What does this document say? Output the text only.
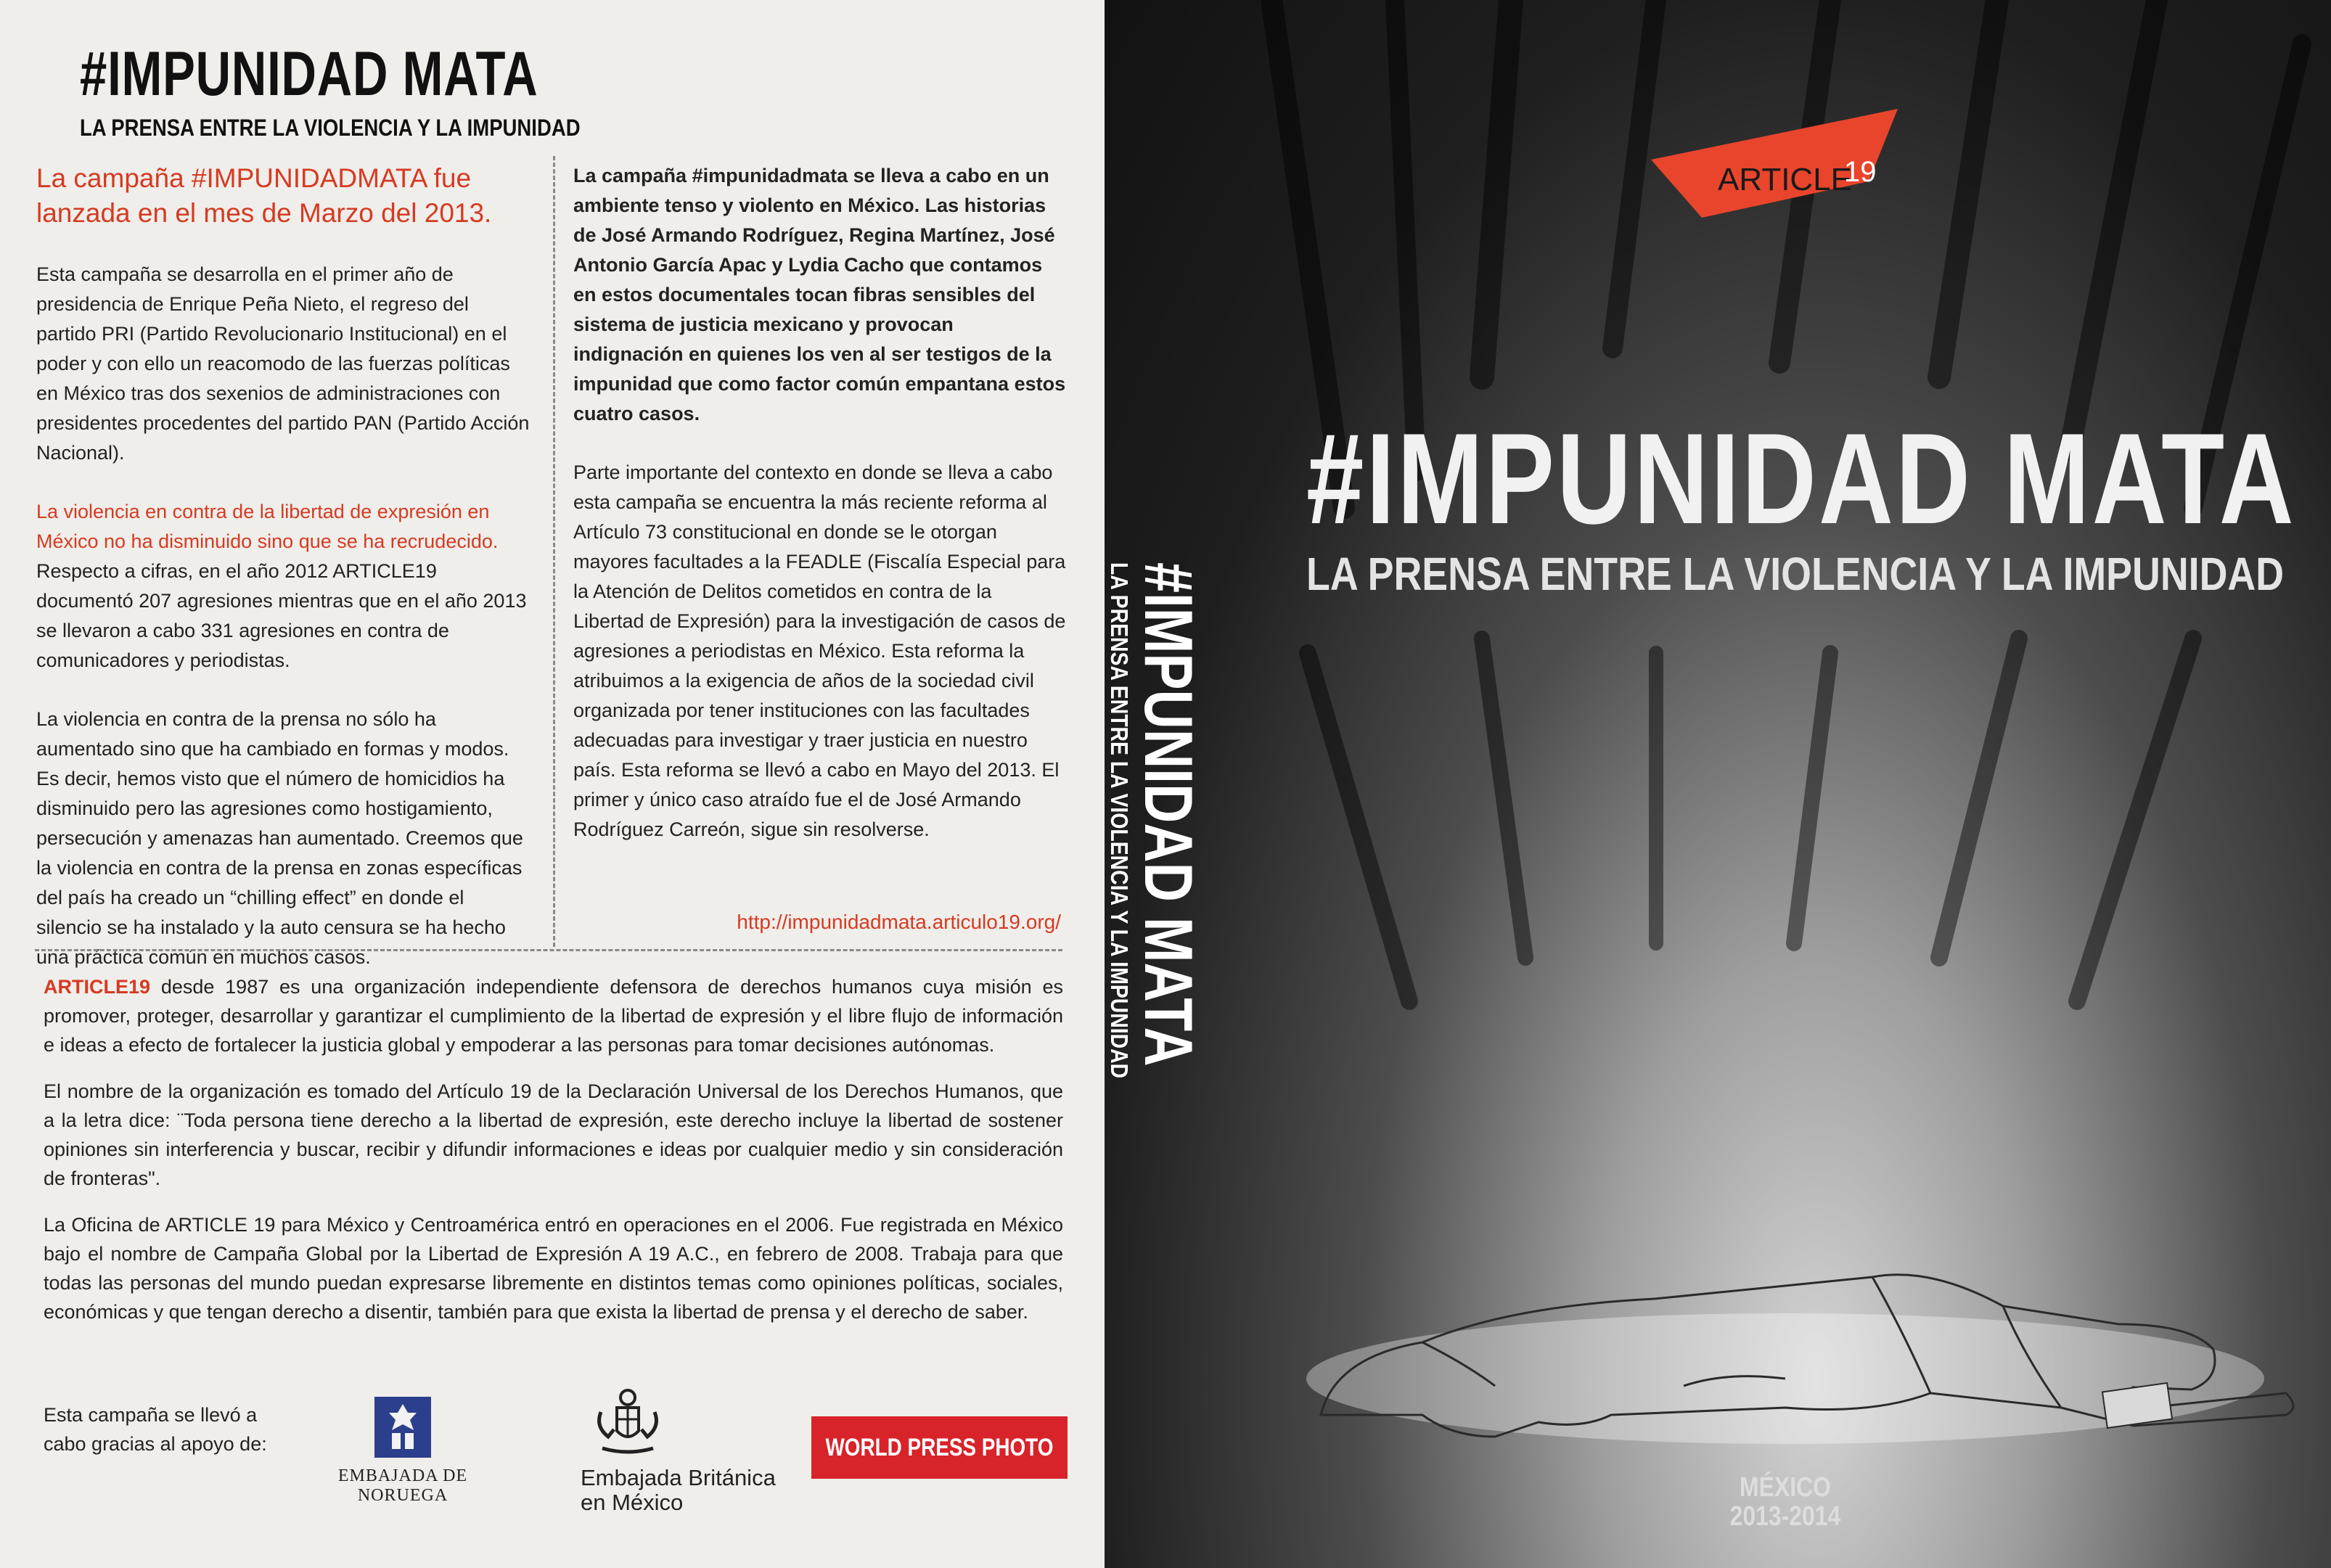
#IMPUNIDAD MATA
LA PRENSA ENTRE LA VIOLENCIA Y LA IMPUNIDAD

La campaña #IMPUNIDADMATA fue lanzada en el mes de Marzo del 2013.

Esta campaña se desarrolla en el primer año de presidencia de Enrique Peña Nieto, el regreso del partido PRI (Partido Revolucionario Institucional) en el poder y con ello un reacomodo de las fuerzas políticas en México tras dos sexenios de administraciones con presidentes procedentes del partido PAN (Partido Acción Nacional).

La violencia en contra de la libertad de expresión en México no ha disminuido sino que se ha recrudecido.
Respecto a cifras, en el año 2012 ARTICLE19 documentó 207 agresiones mientras que en el año 2013 se llevaron a cabo 331 agresiones en contra de comunicadores y periodistas.

La violencia en contra de la prensa no sólo ha aumentado sino que ha cambiado en formas y modos. Es decir, hemos visto que el número de homicidios ha disminuido pero las agresiones como hostigamiento, persecución y amenazas han aumentado. Creemos que la violencia en contra de la prensa en zonas específicas del país ha creado un “chilling effect” en donde el silencio se ha instalado y la auto censura se ha hecho una práctica común en muchos casos.

La campaña #impunidadmata se lleva a cabo en un ambiente tenso y violento en México. Las historias de José Armando Rodríguez, Regina Martínez, José Antonio García Apac y Lydia Cacho que contamos en estos documentales tocan fibras sensibles del sistema de justicia mexicano y provocan indignación en quienes los ven al ser testigos de la impunidad que como factor común empantana estos cuatro casos.

Parte importante del contexto en donde se lleva a cabo esta campaña se encuentra la más reciente reforma al Artículo 73 constitucional en donde se le otorgan mayores facultades a la FEADLE (Fiscalía Especial para la Atención de Delitos cometidos en contra de la Libertad de Expresión) para la investigación de casos de agresiones a periodistas en México. Esta reforma la atribuimos a la exigencia de años de la sociedad civil organizada por tener instituciones con las facultades adecuadas para investigar y traer justicia en nuestro país. Esta reforma se llevó a cabo en Mayo del 2013. El primer y único caso atraído fue el de José Armando Rodríguez Carreón, sigue sin resolverse.

http://impunidadmata.articulo19.org/

ARTICLE19 desde 1987 es una organización independiente defensora de derechos humanos cuya misión es promover, proteger, desarrollar y garantizar el cumplimiento de la libertad de expresión y el libre flujo de información e ideas a efecto de fortalecer la justicia global y empoderar a las personas para tomar decisiones autónomas.

El nombre de la organización es tomado del Artículo 19 de la Declaración Universal de los Derechos Humanos, que a la letra dice: ¨Toda persona tiene derecho a la libertad de expresión, este derecho incluye la libertad de sostener opiniones sin interferencia y buscar, recibir y difundir informaciones e ideas por cualquier medio y sin consideración de fronteras".

La Oficina de ARTICLE 19 para México y Centroamérica entró en operaciones en el 2006. Fue registrada en México bajo el nombre de Campaña Global por la Libertad de Expresión A 19 A.C., en febrero de 2008. Trabaja para que todas las personas del mundo puedan expresarse libremente en distintos temas como opiniones políticas, sociales, económicas y que tengan derecho a disentir, también para que exista la libertad de prensa y el derecho de saber.

Esta campaña se llevó a cabo gracias al apoyo de:
EMBAJADA DE NORUEGA
Embajada Británica
en México
WORLD PRESS PHOTO
#IMPUNIDAD MATA
LA PRENSA ENTRE LA VIOLENCIA Y LA IMPUNIDAD
ARTICLE
19
#IMPUNIDAD MATA
LA PRENSA ENTRE LA VIOLENCIA Y LA IMPUNIDAD
MÉXICO
2013-2014
